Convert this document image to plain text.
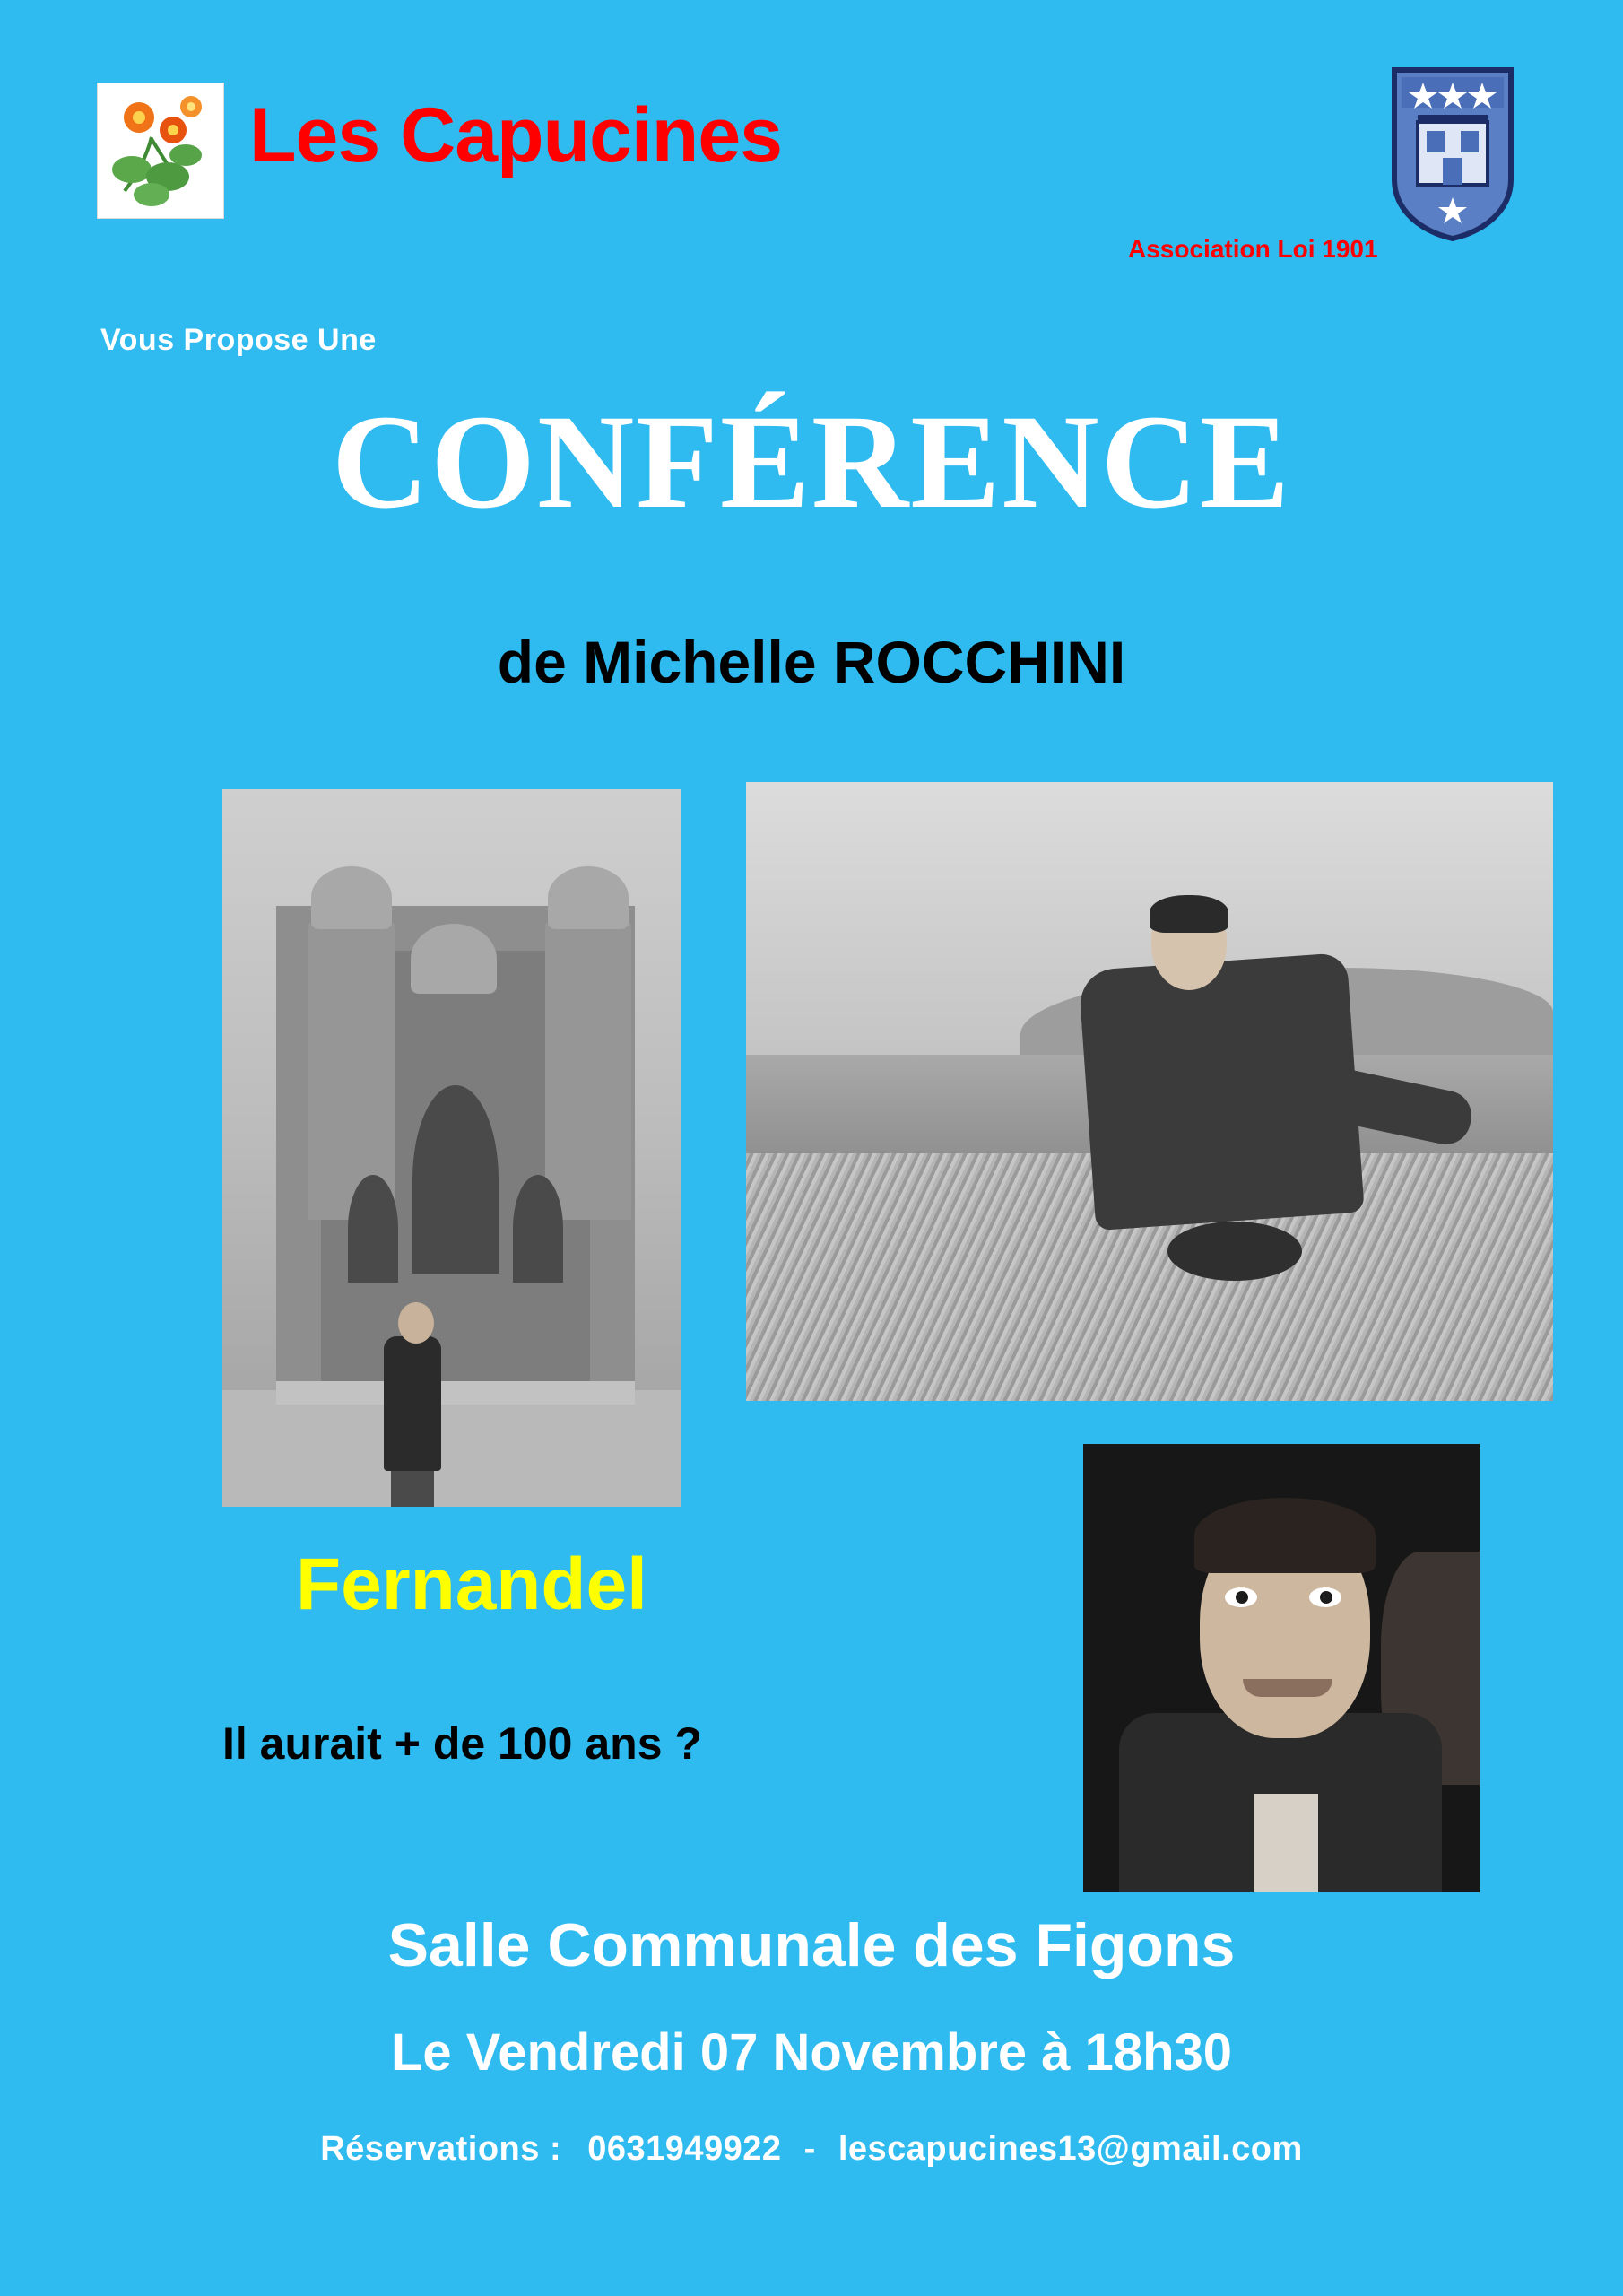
Les Capucines
Association Loi 1901
Vous Propose Une
CONFÉRENCE
de Michelle ROCCHINI
Fernandel
Il aurait + de 100 ans ?
Salle Communale des Figons
Le Vendredi 07 Novembre à 18h30
Réservations : 0631949922 - lescapucines13@gmail.com
